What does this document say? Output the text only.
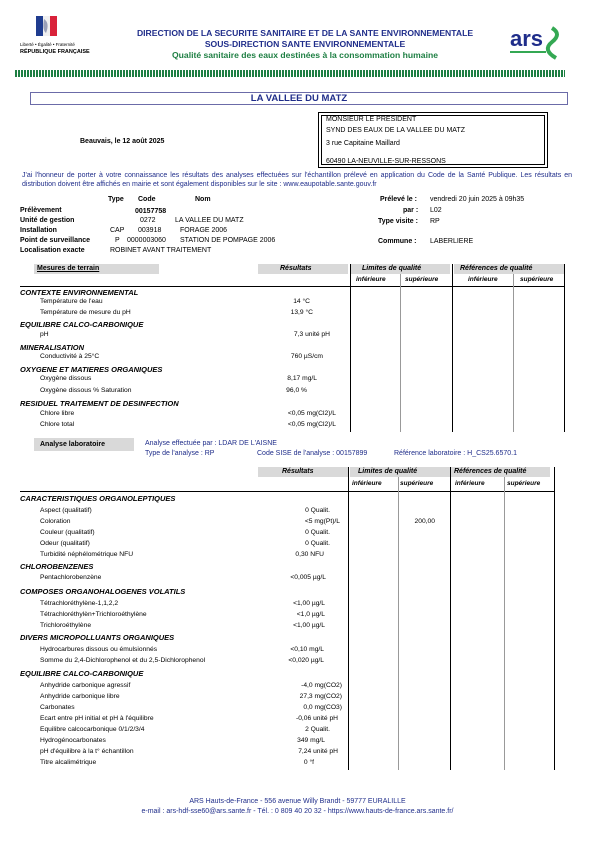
Liberté • Égalité • Fraternité
RÉPUBLIQUE FRANÇAISE
ars
DIRECTION DE LA SECURITE SANITAIRE ET DE LA SANTE ENVIRONNEMENTALE
SOUS-DIRECTION SANTE ENVIRONNEMENTALE
Qualité sanitaire des eaux destinées à la consommation humaine
LA VALLEE DU MATZ
MONSIEUR LE PRESIDENT
SYND DES EAUX DE LA VALLEE DU MATZ
3 rue Capitaine Maillard
60490 LA-NEUVILLE-SUR-RESSONS
Beauvais, le 12 août 2025
J'ai l'honneur de porter à votre connaissance les résultats des analyses effectuées sur l'échantillon prélevé en application du Code de la Santé Publique. Les résultats en distribution doivent être affichés en mairie et sont également disponibles sur le site : www.eaupotable.sante.gouv.fr
Type Code	Nom
Prélèvement	00157758
Unité de gestion	0272	LA VALLEE DU MATZ
Installation	CAP 003918	FORAGE 2006
Point de surveillance	P 0000003060 STATION DE POMPAGE 2006
Localisation exacte	ROBINET AVANT TRAITEMENT
Prélevé le : vendredi 20 juin 2025 à 09h35
par : L02
Type visite : RP
Commune : LABERLIERE
Mesures de terrain	Résultats	Limites de qualité	Références de qualité
inférieure	supérieure	inférieure	supérieure
CONTEXTE ENVIRONNEMENTAL
Température de l'eau	14 °C
Température de mesure du pH	13,9 °C
EQUILIBRE CALCO-CARBONIQUE
pH	7,3 unité pH
MINERALISATION
Conductivité à 25°C	760 µS/cm
OXYGENE ET MATIERES ORGANIQUES
Oxygène dissous	8,17 mg/L
Oxygène dissous % Saturation	96,0 %
RESIDUEL TRAITEMENT DE DESINFECTION
Chlore libre	<0,05 mg(Cl2)/L
Chlore total	<0,05 mg(Cl2)/L
Analyse laboratoire	Analyse effectuée par : LDAR DE L'AISNE
Type de l'analyse : RP	Code SISE de l'analyse : 00157899	Référence laboratoire : H_CS25.6570.1
Résultats	Limites de qualité	Références de qualité
inférieure	supérieure	inférieure	supérieure
CARACTERISTIQUES ORGANOLEPTIQUES
Aspect (qualitatif)	0 Qualit.
Coloration	<5 mg(Pt)/L	200,00
Couleur (qualitatif)	0 Qualit.
Odeur (qualitatif)	0 Qualit.
Turbidité néphélométrique NFU	0,30 NFU
CHLOROBENZENES
Pentachlorobenzène	<0,005 µg/L
COMPOSES ORGANOHALOGENES VOLATILS
Tétrachloréthylène-1,1,2,2	<1,00 µg/L
Tétrachloréthylèn+Trichloroéthylène	<1,0 µg/L
Trichloroéthylène	<1,00 µg/L
DIVERS MICROPOLLUANTS ORGANIQUES
Hydrocarbures dissous ou émulsionnés	<0,10 mg/L
Somme du 2,4-Dichlorophenol et du 2,5-Dichlorophenol	<0,020 µg/L
EQUILIBRE CALCO-CARBONIQUE
Anhydride carbonique agressif	-4,0 mg(CO2)
Anhydride carbonique libre	27,3 mg(CO2)
Carbonates	0,0 mg(CO3)
Ecart entre pH initial et pH à l'équilibre	-0,06 unité pH
Equilibre calcocarbonique 0/1/2/3/4	2 Qualit.
Hydrogénocarbonates	349 mg/L
pH d'équilibre à la t° échantillon	7,24 unité pH
Titre alcalimétrique	0 °f
ARS Hauts-de-France - 556 avenue Willy Brandt - 59777 EURALILLE
e-mail : ars-hdf-sse60@ars.sante.fr - Tél. : 0 809 40 20 32 - https://www.hauts-de-france.ars.sante.fr/
